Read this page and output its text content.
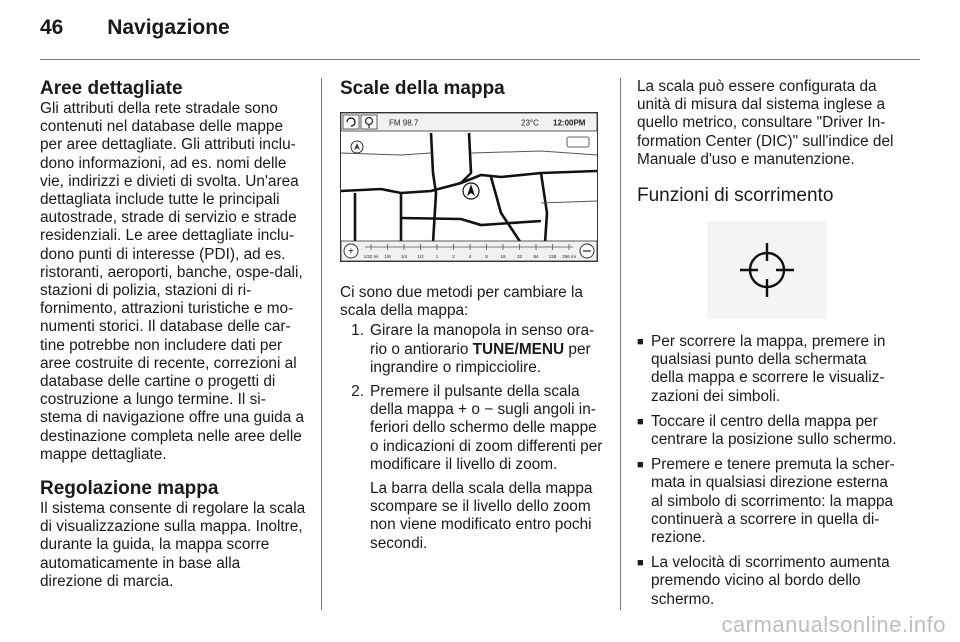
46 Navigazione
Aree dettagliate

Gli attributi della rete stradale sono contenuti nel database delle mappe per aree dettagliate. Gli attributi inclu-dono informazioni, ad es. nomi delle vie, indirizzi e divieti di svolta. Un'area dettagliata include tutte le principali autostrade, strade di servizio e strade residenziali. Le aree dettagliate inclu-dono punti di interesse (PDI), ad es. ristoranti, aeroporti, banche, ospe-dali, stazioni di polizia, stazioni di ri-fornimento, attrazioni turistiche e mo-numenti storici. Il database delle car-tine potrebbe non includere dati per aree costruite di recente, correzioni al database delle cartine o progetti di costruzione a lungo termine. Il si-stema di navigazione offre una guida a destinazione completa nelle aree delle mappe dettagliate.

Regolazione mappa

Il sistema consente di regolare la scala di visualizzazione sulla mappa. Inoltre, durante la guida, la mappa scorre automaticamente in base alla direzione di marcia.

Scale della mappa
FM 98.7	23°C 12:00PM
+ 1/20 mi 1/8 1/4 1/2	1	2	4	8	16	32	64 128 256 mi

Ci sono due metodi per cambiare la scala della mappa:

1. Girare la manopola in senso ora-rio o antiorario TUNE/MENU per ingrandire o rimpicciolire.
2. Premere il pulsante della scala della mappa + o − sugli angoli in-feriori dello schermo delle mappe o indicazioni di zoom differenti per modificare il livello di zoom.
La barra della scala della mappa scompare se il livello dello zoom non viene modificato entro pochi secondi.

La scala può essere configurata da unità di misura dal sistema inglese a quello metrico, consultare "Driver In-formation Center (DIC)" sull'indice del Manuale d'uso e manutenzione.

Funzioni di scorrimento
■ Per scorrere la mappa, premere in qualsiasi punto della schermata della mappa e scorrere le visualiz-zazioni dei simboli.
■ Toccare il centro della mappa per centrare la posizione sullo schermo.
■ Premere e tenere premuta la scher-mata in qualsiasi direzione esterna al simbolo di scorrimento: la mappa continuerà a scorrere in quella di-rezione.
■ La velocità di scorrimento aumenta premendo vicino al bordo dello schermo.
carmanualsonline.info
